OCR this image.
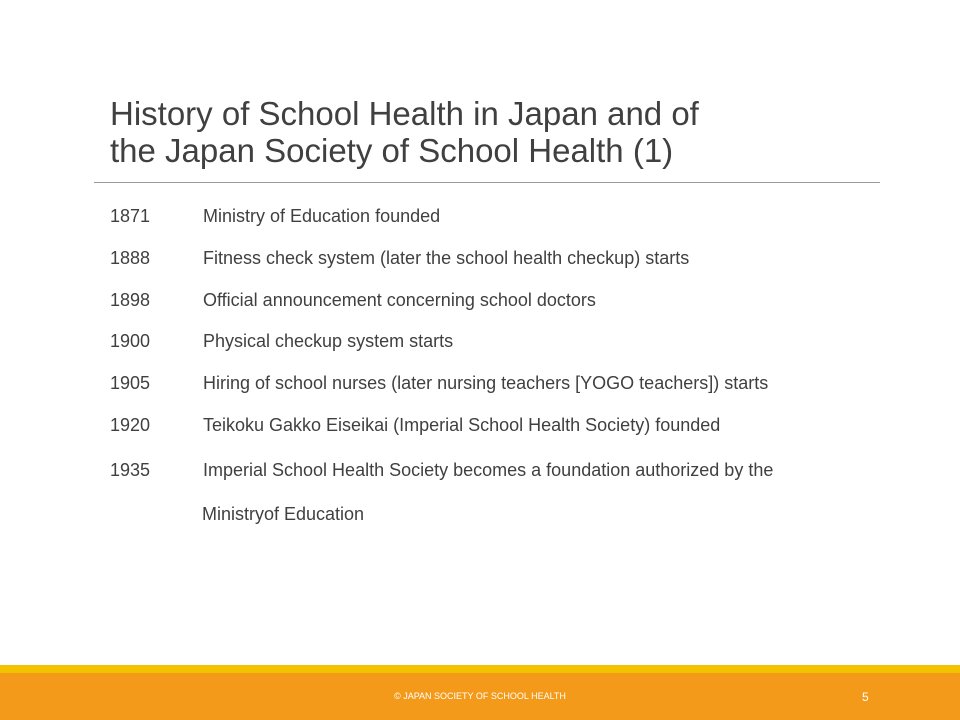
History of School Health in Japan and of
the Japan Society of School Health (1)
1871	Ministry of Education founded
1888	Fitness check system (later the school health checkup) starts
1898	Official announcement concerning school doctors
1900	Physical checkup system starts
1905	Hiring of school nurses (later nursing teachers [YOGO teachers]) starts
1920	Teikoku Gakko Eiseikai (Imperial School Health Society) founded
1935	Imperial School Health Society becomes a foundation authorized by the
Ministryof Education
© JAPAN SOCIETY OF SCHOOL HEALTH	5
